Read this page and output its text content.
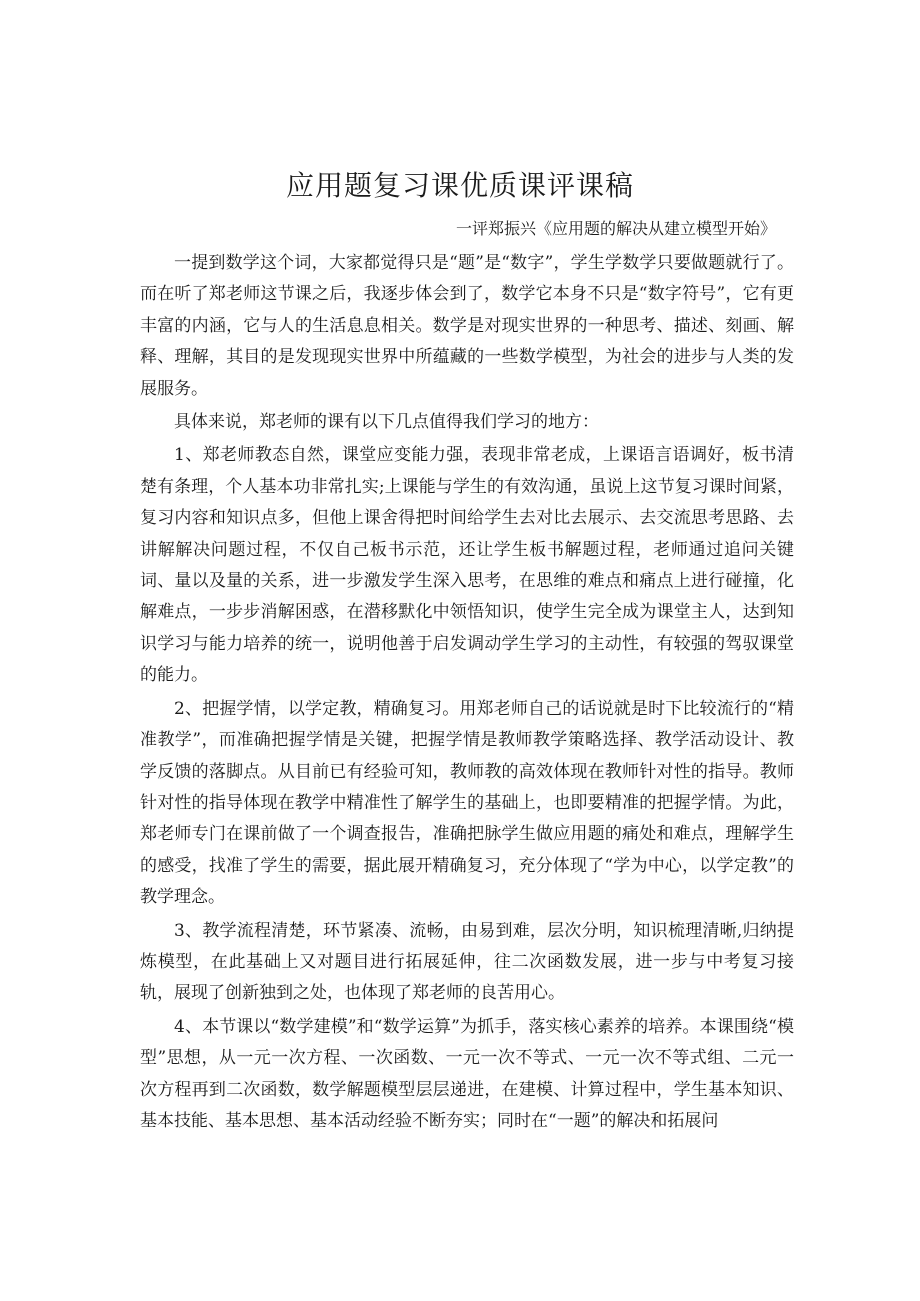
应用题复习课优质课评课稿
一评郑振兴《应用题的解决从建立模型开始》

一提到数学这个词，大家都觉得只是“题”是“数字”，学生学数学只要做题就行了。而在听了郑老师这节课之后，我逐步体会到了，数学它本身不只是“数字符号”，它有更丰富的内涵，它与人的生活息息相关。数学是对现实世界的一种思考、描述、刻画、解释、理解，其目的是发现现实世界中所蕴藏的一些数学模型，为社会的进步与人类的发展服务。

具体来说，郑老师的课有以下几点值得我们学习的地方：

1、郑老师教态自然，课堂应变能力强，表现非常老成，上课语言语调好，板书清楚有条理，个人基本功非常扎实;上课能与学生的有效沟通，虽说上这节复习课时间紧，复习内容和知识点多，但他上课舍得把时间给学生去对比去展示、去交流思考思路、去讲解解决问题过程，不仅自己板书示范，还让学生板书解题过程，老师通过追问关键词、量以及量的关系，进一步激发学生深入思考，在思维的难点和痛点上进行碰撞，化解难点，一步步消解困惑，在潜移默化中领悟知识，使学生完全成为课堂主人，达到知识学习与能力培养的统一，说明他善于启发调动学生学习的主动性，有较强的驾驭课堂的能力。

2、把握学情，以学定教，精确复习。用郑老师自己的话说就是时下比较流行的“精准教学”，而准确把握学情是关键，把握学情是教师教学策略选择、教学活动设计、教学反馈的落脚点。从目前已有经验可知，教师教的高效体现在教师针对性的指导。教师针对性的指导体现在教学中精准性了解学生的基础上，也即要精准的把握学情。为此，郑老师专门在课前做了一个调查报告，准确把脉学生做应用题的痛处和难点，理解学生的感受，找准了学生的需要，据此展开精确复习，充分体现了“学为中心，以学定教”的教学理念。

3、教学流程清楚，环节紧凑、流畅，由易到难，层次分明，知识梳理清晰,归纳提炼模型，在此基础上又对题目进行拓展延伸，往二次函数发展，进一步与中考复习接轨，展现了创新独到之处，也体现了郑老师的良苦用心。

4、本节课以“数学建模”和“数学运算”为抓手，落实核心素养的培养。本课围绕“模型”思想，从一元一次方程、一次函数、一元一次不等式、一元一次不等式组、二元一次方程再到二次函数，数学解题模型层层递进，在建模、计算过程中，学生基本知识、基本技能、基本思想、基本活动经验不断夯实；同时在“一题”的解决和拓展问
